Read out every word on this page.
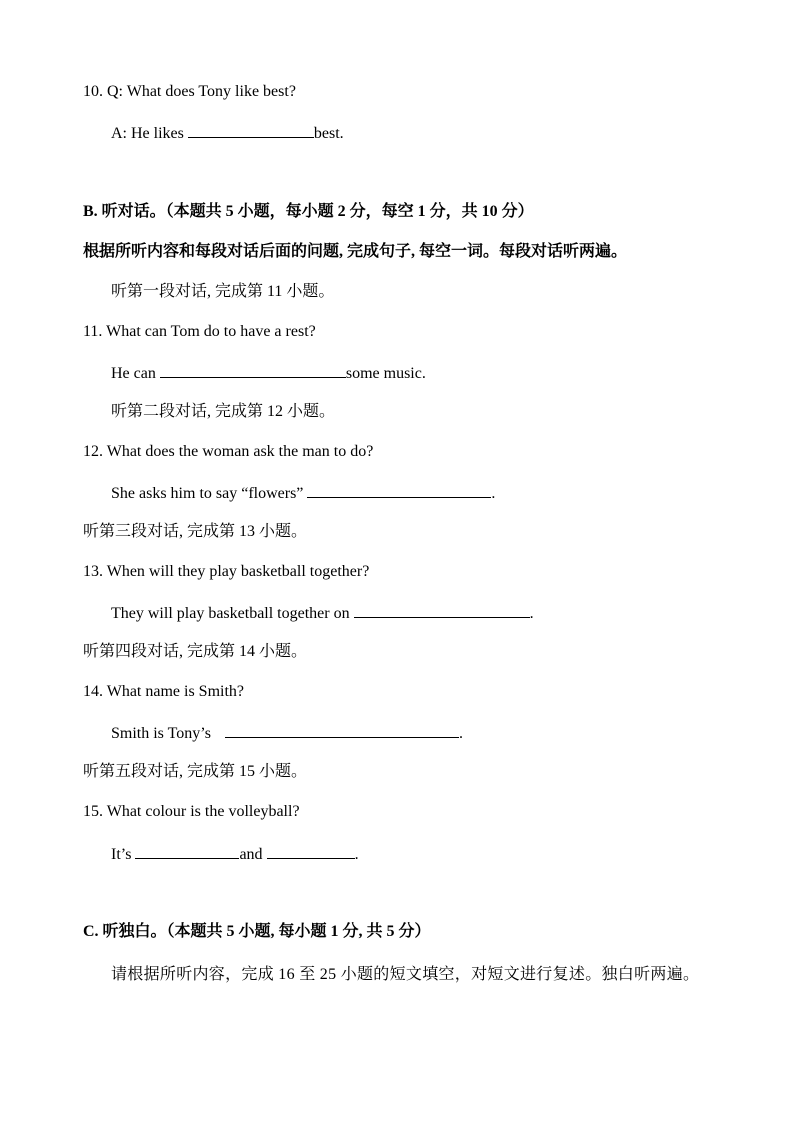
10. Q: What does Tony like best?
A: He likes	best.
B. 听对话。（本题共 5 小题，每小题 2 分，每空 1 分，共 10 分）
根据所听内容和每段对话后面的问题, 完成句子, 每空一词。每段对话听两遍。
听第一段对话, 完成第 11 小题。
11. What can Tom do to have a rest?
He can	some music.
听第二段对话, 完成第 12 小题。
12. What does the woman ask the man to do?
She asks him to say “flowers”	.
听第三段对话, 完成第 13 小题。
13. When will they play basketball together?
They will play basketball together on	.
听第四段对话, 完成第 14 小题。
14. What name is Smith?
Smith is Tony’s	.
听第五段对话, 完成第 15 小题。
15. What colour is the volleyball?
It’s	and	.
C. 听独白。（本题共 5 小题, 每小题 1 分, 共 5 分）
请根据所听内容，完成 16 至 25 小题的短文填空，对短文进行复述。独白听两遍。
